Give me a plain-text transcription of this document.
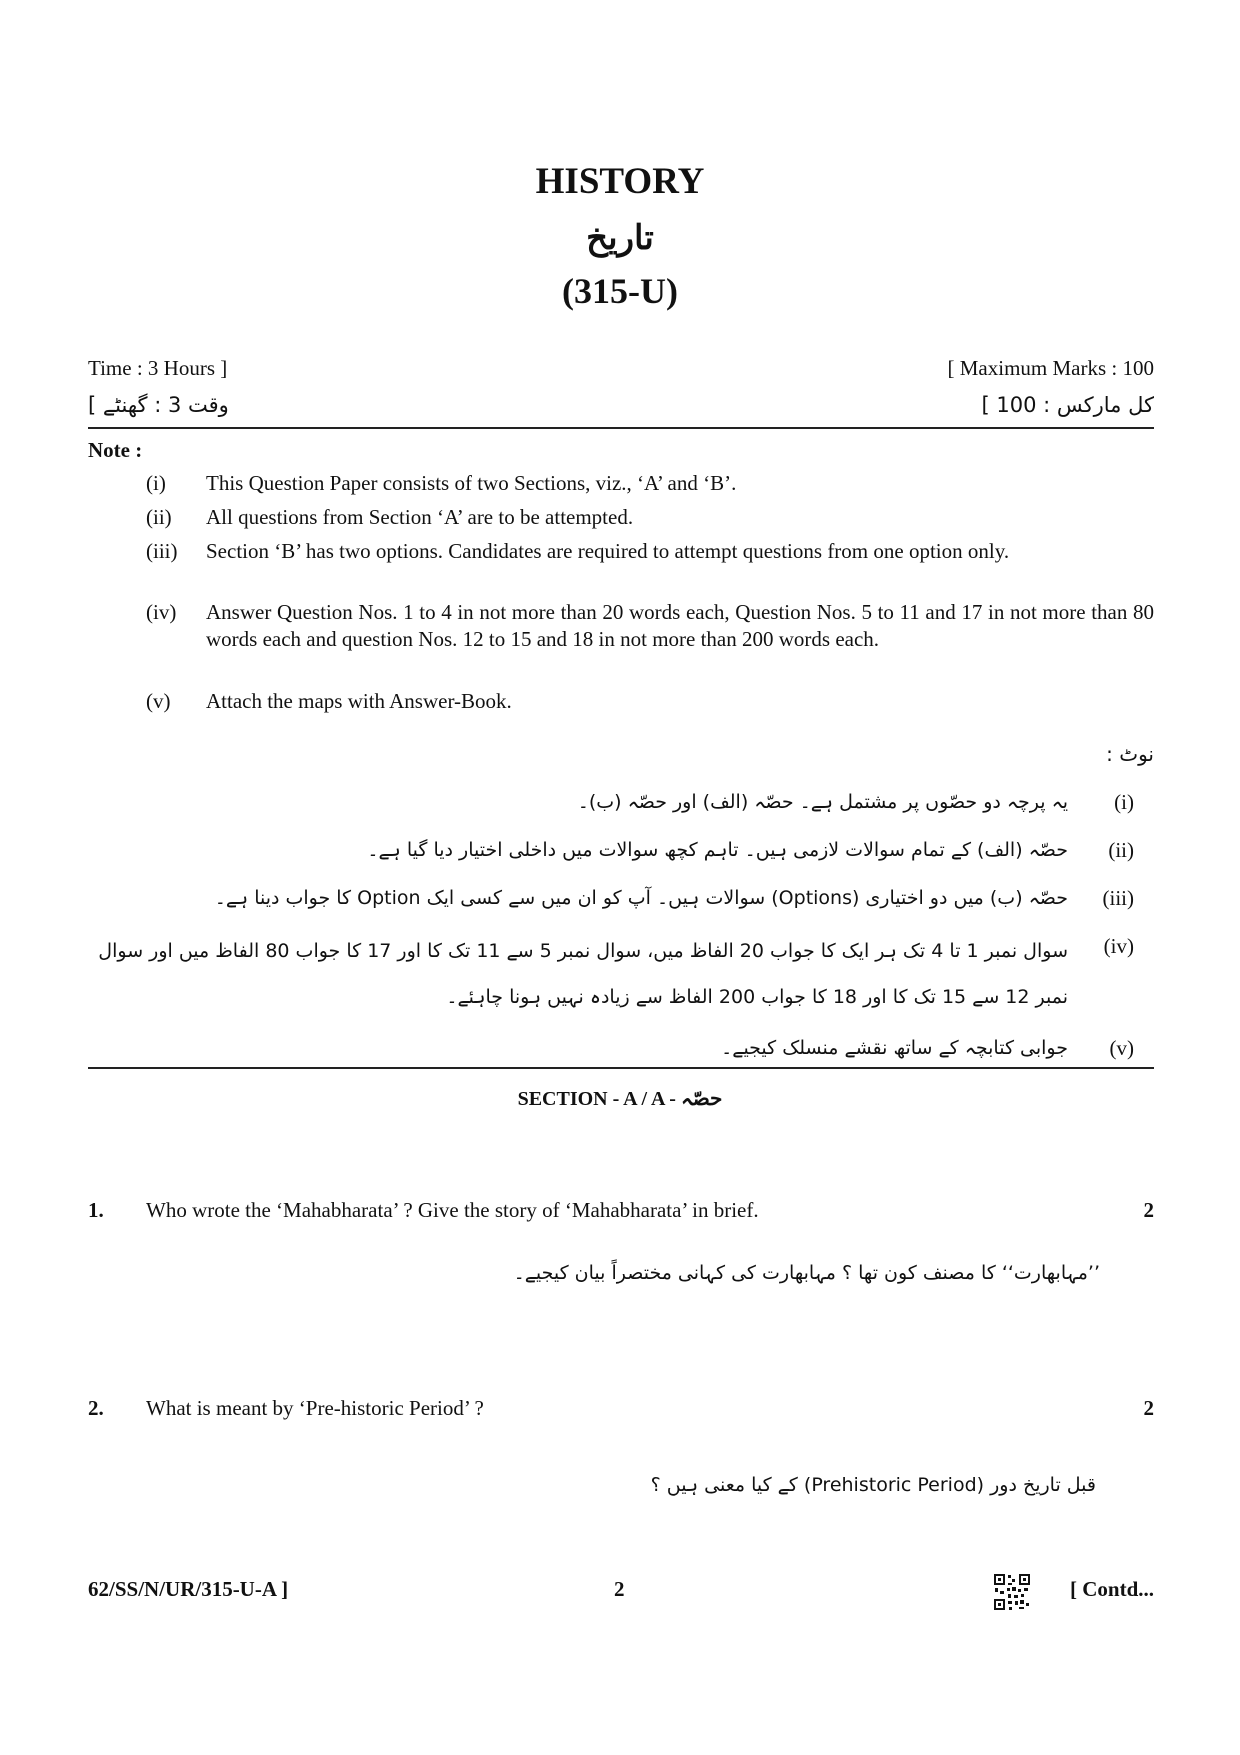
HISTORY
تاریخ
(315-U)
Time : 3 Hours ]	[ Maximum Marks : 100
وقت 3 : گھنٹے ]	کل مارکس : 100 ]
Note :
(i) This Question Paper consists of two Sections, viz., ‘A’ and ‘B’.
(ii) All questions from Section ‘A’ are to be attempted.
(iii) Section ‘B’ has two options. Candidates are required to attempt questions from one option only.
(iv) Answer Question Nos. 1 to 4 in not more than 20 words each, Question Nos. 5 to 11 and 17 in not more than 80 words each and question Nos. 12 to 15 and 18 in not more than 200 words each.
(v) Attach the maps with Answer-Book.
نوٹ :
(i)
یہ پرچہ دو حصّوں پر مشتمل ہے۔ حصّہ (الف) اور حصّہ (ب)۔
(ii)
حصّہ (الف) کے تمام سوالات لازمی ہیں۔ تاہم کچھ سوالات میں داخلی اختیار دیا گیا ہے۔
(iii)
حصّہ (ب) میں دو اختیاری (Options) سوالات ہیں۔ آپ کو ان میں سے کسی ایک Option کا جواب دینا ہے۔
(iv)
سوال نمبر 1 تا 4 تک ہر ایک کا جواب 20 الفاظ میں، سوال نمبر 5 سے 11 تک کا اور 17 کا جواب 80 الفاظ میں اور سوال نمبر 12 سے 15 تک کا اور 18 کا جواب 200 الفاظ سے زیادہ نہیں ہونا چاہئے۔
(v)
جوابی کتابچہ کے ساتھ نقشے منسلک کیجیے۔
SECTION - A / A - حصّہ
1. Who wrote the ‘Mahabharata’ ? Give the story of ‘Mahabharata’ in brief.	2
’’مہابھارت‘‘ کا مصنف کون تھا ؟ مہابھارت کی کہانی مختصراً بیان کیجیے۔
2. What is meant by ‘Pre-historic Period’ ?	2
قبل تاریخ دور (Prehistoric Period) کے کیا معنی ہیں ؟
62/SS/N/UR/315-U-A ]	2	[ Contd...
